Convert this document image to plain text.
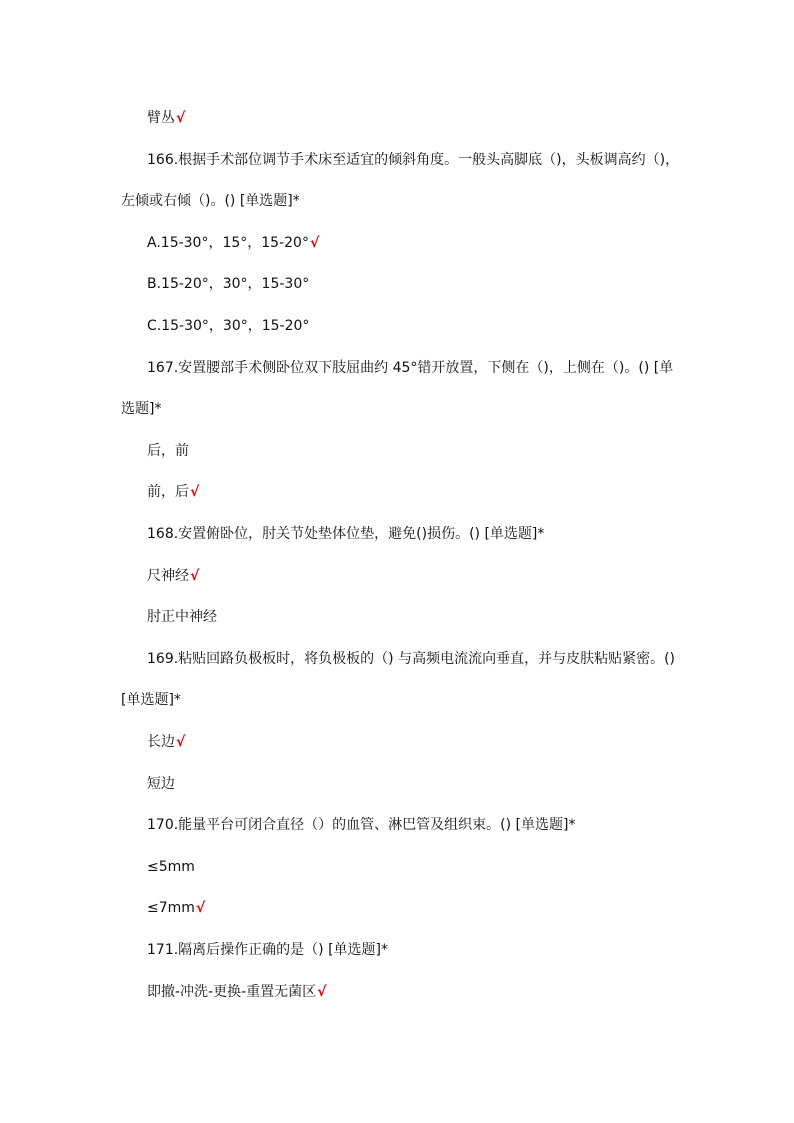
臂丛√
166.根据手术部位调节手术床至适宜的倾斜角度。一般头高脚底（)，头板调高约（)，
左倾或右倾（)。() [单选题]*
A.15-30°，15°，15-20°√
B.15-20°，30°，15-30°
C.15-30°，30°，15-20°
167.安置腰部手术侧卧位双下肢屈曲约 45°错开放置，下侧在（)，上侧在（)。() [单
选题]*
后，前
前，后√
168.安置俯卧位，肘关节处垫体位垫，避免()损伤。() [单选题]*
尺神经√
肘正中神经
169.粘贴回路负极板时，将负极板的（) 与高频电流流向垂直，并与皮肤粘贴紧密。()
[单选题]*
长边√
短边
170.能量平台可闭合直径（）的血管、淋巴管及组织束。() [单选题]*
≤5mm
≤7mm√
171.隔离后操作正确的是（) [单选题]*
即撤-冲洗-更换-重置无菌区√
